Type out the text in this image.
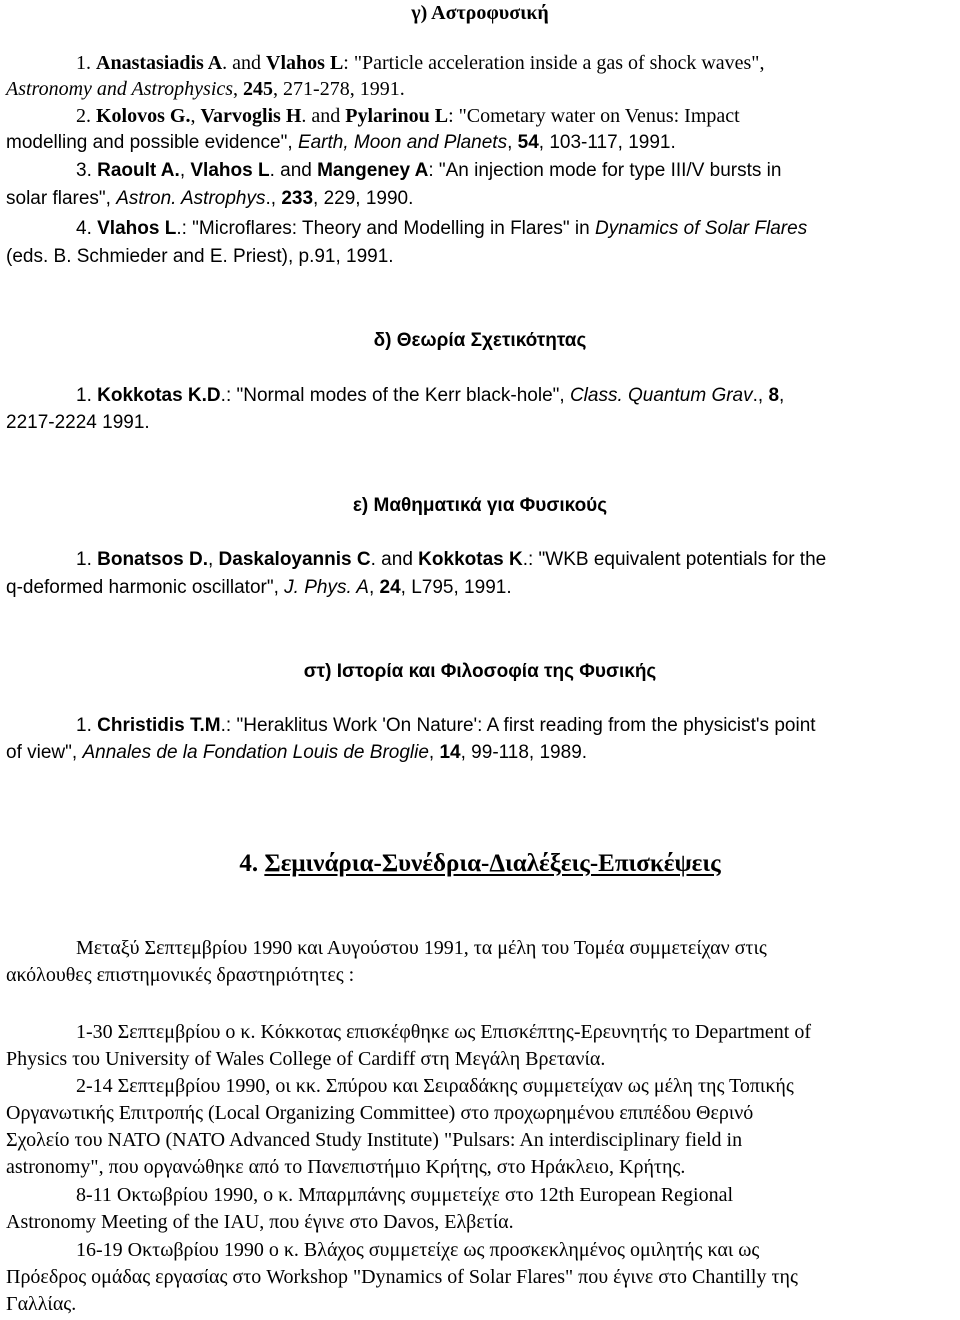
γ) Αστροφυσική
1. Anastasiadis A. and Vlahos L: "Particle acceleration inside a gas of shock waves",
Astronomy and Astrophysics, 245, 271-278, 1991.
2. Kolovos G., Varvoglis H. and Pylarinou L: "Cometary water on Venus: Impact
modelling and possible evidence", Earth, Moon and Planets, 54, 103-117, 1991.
3. Raoult A., Vlahos L. and Mangeney A: "An injection mode for type III/V bursts in
solar flares", Astron. Astrophys., 233, 229, 1990.
4. Vlahos L.: "Microflares: Theory and Modelling in Flares" in Dynamics of Solar Flares
(eds. B. Schmieder and E. Priest), p.91, 1991.
δ) Θεωρία Σχετικότητας
1. Kokkotas K.D.: "Normal modes of the Kerr black-hole", Class. Quantum Grav., 8,
2217-2224 1991.
ε) Μαθηματικά για Φυσικούς
1. Bonatsos D., Daskaloyannis C. and Kokkotas K.: "WKB equivalent potentials for the
q-deformed harmonic oscillator", J. Phys. A, 24, L795, 1991.
στ) Ιστορία και Φιλοσοφία της Φυσικής
1. Christidis T.M.: "Heraklitus Work 'On Nature': A first reading from the physicist's point
of view", Annales de la Fondation Louis de Broglie, 14, 99-118, 1989.
4. Σεμινάρια-Συνέδρια-Διαλέξεις-Επισκέψεις
Μεταξύ Σεπτεμβρίου 1990 και Αυγούστου 1991, τα μέλη του Τομέα συμμετείχαν στις
ακόλουθες επιστημονικές δραστηριότητες :
1-30 Σεπτεμβρίου ο κ. Κόκκοτας επισκέφθηκε ως Επισκέπτης-Ερευνητής το Department of
Physics του University of Wales College of Cardiff στη Μεγάλη Βρετανία.
2-14 Σεπτεμβρίου 1990, οι κκ. Σπύρου και Σειραδάκης συμμετείχαν ως μέλη της Τοπικής
Οργανωτικής Επιτροπής (Local Organizing Committee) στο προχωρημένου επιπέδου Θερινό
Σχολείο του NATO (NATO Advanced Study Institute) "Pulsars: An interdisciplinary field in
astronomy", που οργανώθηκε από το Πανεπιστήμιο Κρήτης, στο Ηράκλειο, Κρήτης.
8-11 Οκτωβρίου 1990, ο κ. Μπαρμπάνης συμμετείχε στο 12th European Regional
Astronomy Meeting of the IAU, που έγινε στο Davos, Ελβετία.
16-19 Οκτωβρίου 1990 ο κ. Βλάχος συμμετείχε ως προσκεκλημένος ομιλητής και ως
Πρόεδρος ομάδας εργασίας στο Workshop "Dynamics of Solar Flares" που έγινε στο Chantilly της
Γαλλίας.
